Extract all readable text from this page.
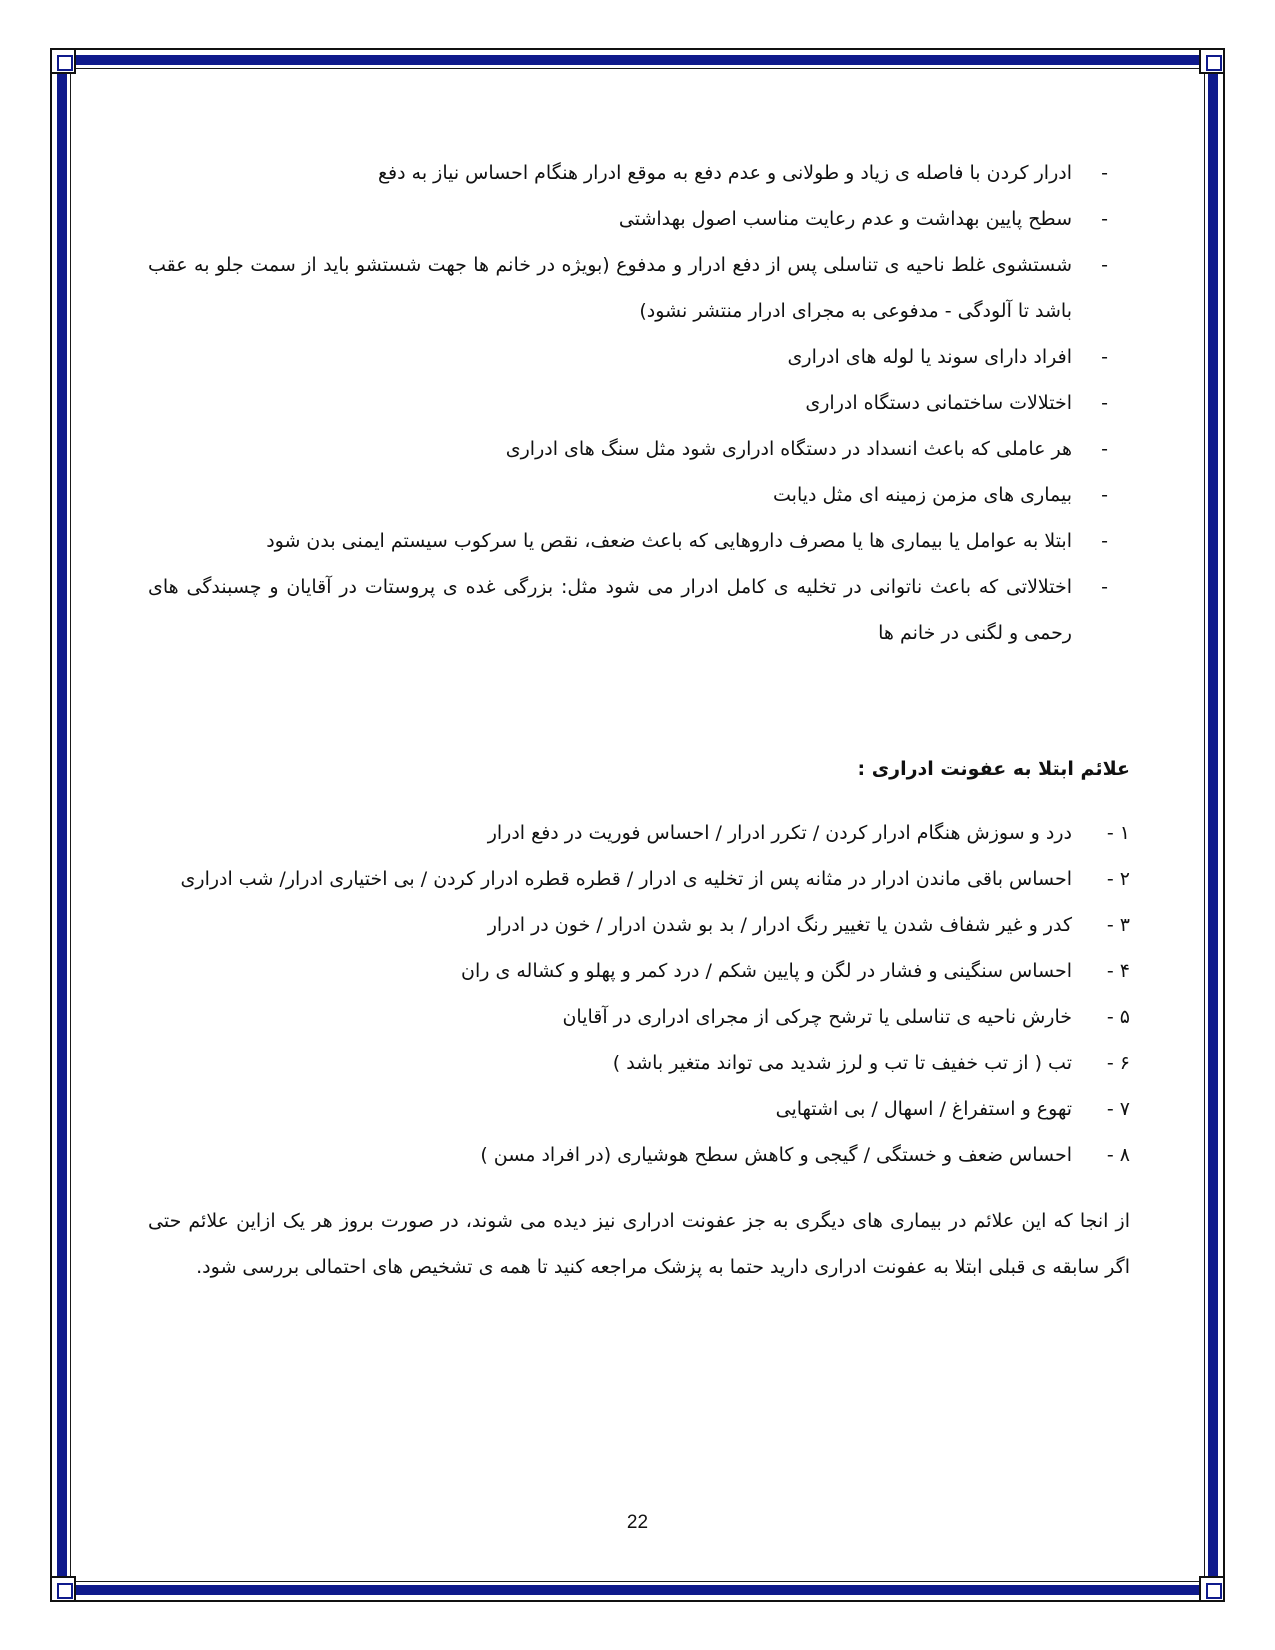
- ادرار کردن با فاصله ی زیاد و طولانی و عدم دفع به موقع ادرار هنگام احساس نیاز به دفع
- سطح پایین بهداشت و عدم رعایت مناسب اصول بهداشتی
- شستشوی غلط ناحیه ی تناسلی پس از دفع ادرار و مدفوع (بویژه در خانم ها جهت شستشو باید از سمت جلو به عقب باشد تا آلودگی - مدفوعی به مجرای ادرار منتشر نشود)
- افراد دارای سوند یا لوله های ادراری
- اختلالات ساختمانی دستگاه ادراری
- هر عاملی که باعث انسداد در دستگاه ادراری شود مثل سنگ های ادراری
- بیماری های مزمن زمینه ای مثل دیابت
- ابتلا به عوامل یا بیماری ها یا مصرف داروهایی که باعث ضعف، نقص یا سرکوب سیستم ایمنی بدن شود
- اختلالاتی که باعث ناتوانی در تخلیه ی کامل ادرار می شود مثل: بزرگی غده ی پروستات در آقایان و چسبندگی های رحمی و لگنی در خانم ها
علائم ابتلا به عفونت ادراری :
۱ -
درد و سوزش هنگام ادرار کردن / تکرر ادرار / احساس فوریت در دفع ادرار
۲ -
احساس باقی ماندن ادرار در مثانه پس از تخلیه ی ادرار / قطره قطره ادرار کردن / بی اختیاری ادرار/ شب ادراری
۳ -
کدر و غیر شفاف شدن یا تغییر رنگ ادرار / بد بو شدن ادرار / خون در ادرار
۴ -
احساس سنگینی و فشار در لگن و پایین شکم / درد کمر و پهلو و کشاله ی ران
۵ -
خارش ناحیه ی تناسلی یا ترشح چرکی از مجرای ادراری در آقایان
۶ -
تب ( از تب خفیف تا تب و لرز شدید می تواند متغیر باشد )
۷ -
تهوع و استفراغ / اسهال / بی اشتهایی
۸ -
احساس ضعف و خستگی / گیجی و کاهش سطح هوشیاری (در افراد مسن )

از انجا که این علائم در بیماری های دیگری به جز عفونت ادراری نیز دیده می شوند، در صورت بروز هر یک ازاین علائم حتی اگر سابقه ی قبلی ابتلا به عفونت ادراری دارید حتما به پزشک مراجعه کنید تا همه ی تشخیص های احتمالی بررسی شود.

22
